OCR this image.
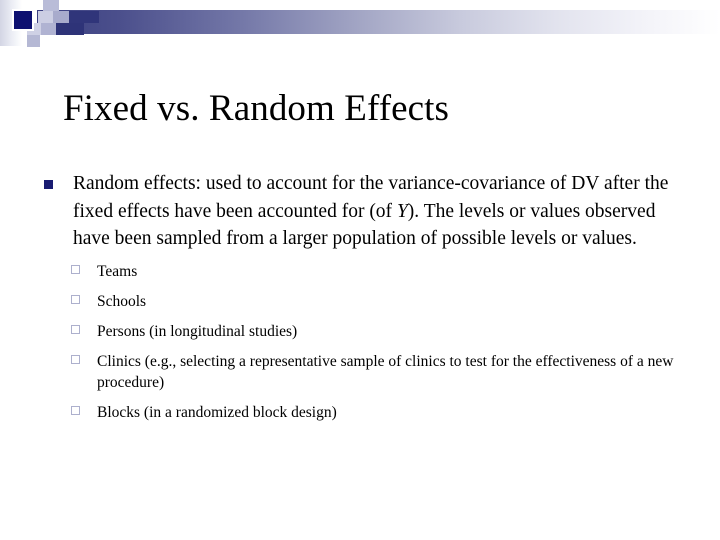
Fixed vs. Random Effects
Random effects: used to account for the variance-covariance of DV after the fixed effects have been accounted for (of Y). The levels or values observed have been sampled from a larger population of possible levels or values.
Teams
Schools
Persons (in longitudinal studies)
Clinics (e.g., selecting a representative sample of clinics to test for the effectiveness of a new procedure)
Blocks (in a randomized block design)
